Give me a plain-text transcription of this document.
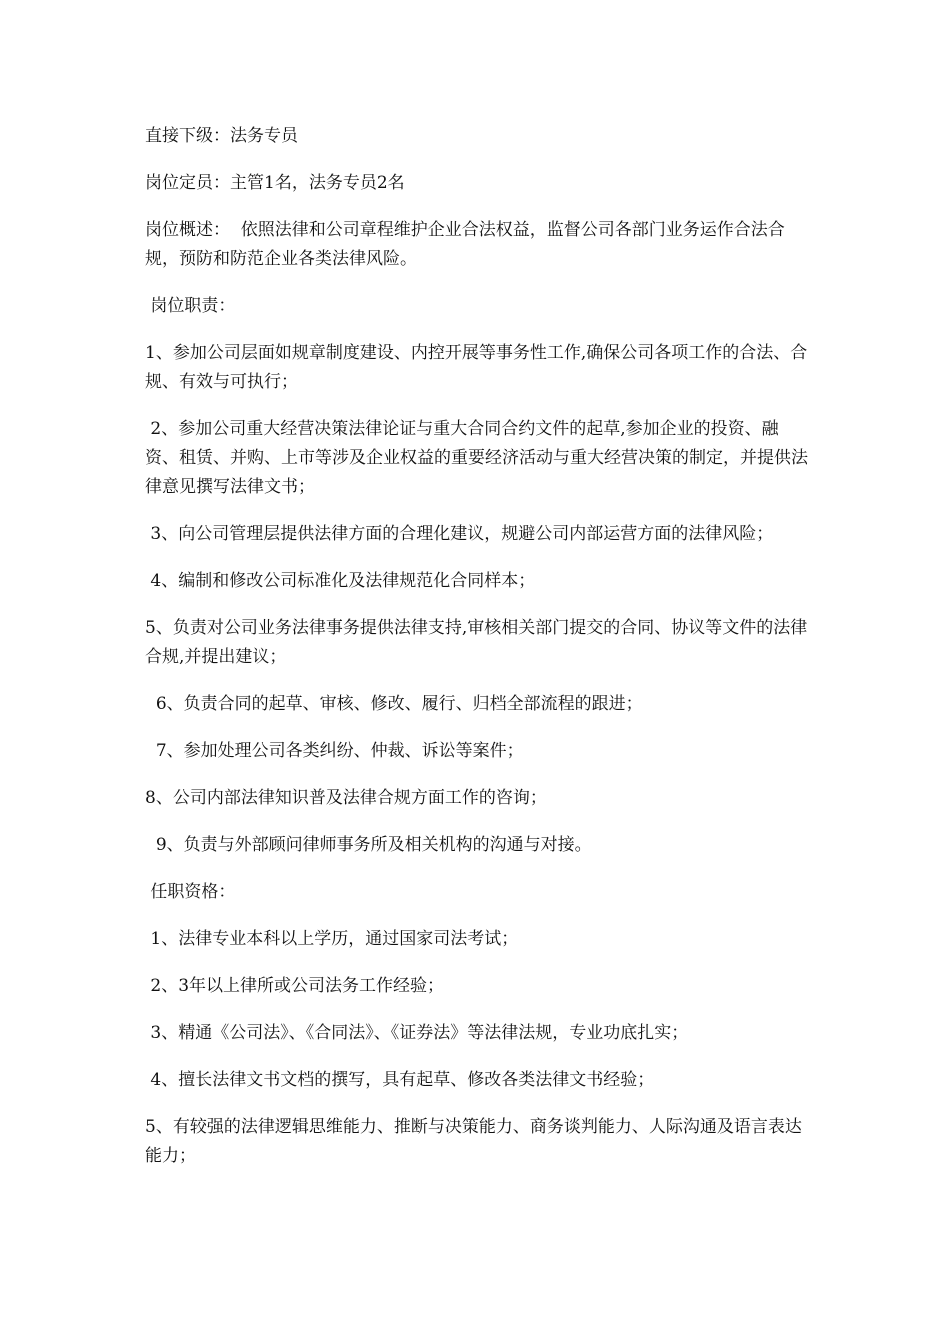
直接下级：法务专员

岗位定员：主管1名，法务专员2名

岗位概述：  依照法律和公司章程维护企业合法权益，监督公司各部门业务运作合法合规，预防和防范企业各类法律风险。

岗位职责：

1、参加公司层面如规章制度建设、内控开展等事务性工作,确保公司各项工作的合法、合规、有效与可执行；

2、参加公司重大经营决策法律论证与重大合同合约文件的起草,参加企业的投资、融资、租赁、并购、上市等涉及企业权益的重要经济活动与重大经营决策的制定，并提供法律意见撰写法律文书；

3、向公司管理层提供法律方面的合理化建议，规避公司内部运营方面的法律风险；

4、编制和修改公司标准化及法律规范化合同样本；

5、负责对公司业务法律事务提供法律支持,审核相关部门提交的合同、协议等文件的法律合规,并提出建议；

6、负责合同的起草、审核、修改、履行、归档全部流程的跟进；

7、参加处理公司各类纠纷、仲裁、诉讼等案件；

8、公司内部法律知识普及法律合规方面工作的咨询；

9、负责与外部顾问律师事务所及相关机构的沟通与对接。

任职资格：

1、法律专业本科以上学历，通过国家司法考试；

2、3年以上律所或公司法务工作经验；

3、精通《公司法》、《合同法》、《证券法》等法律法规，专业功底扎实；

4、擅长法律文书文档的撰写，具有起草、修改各类法律文书经验；

5、有较强的法律逻辑思维能力、推断与决策能力、商务谈判能力、人际沟通及语言表达能力；
